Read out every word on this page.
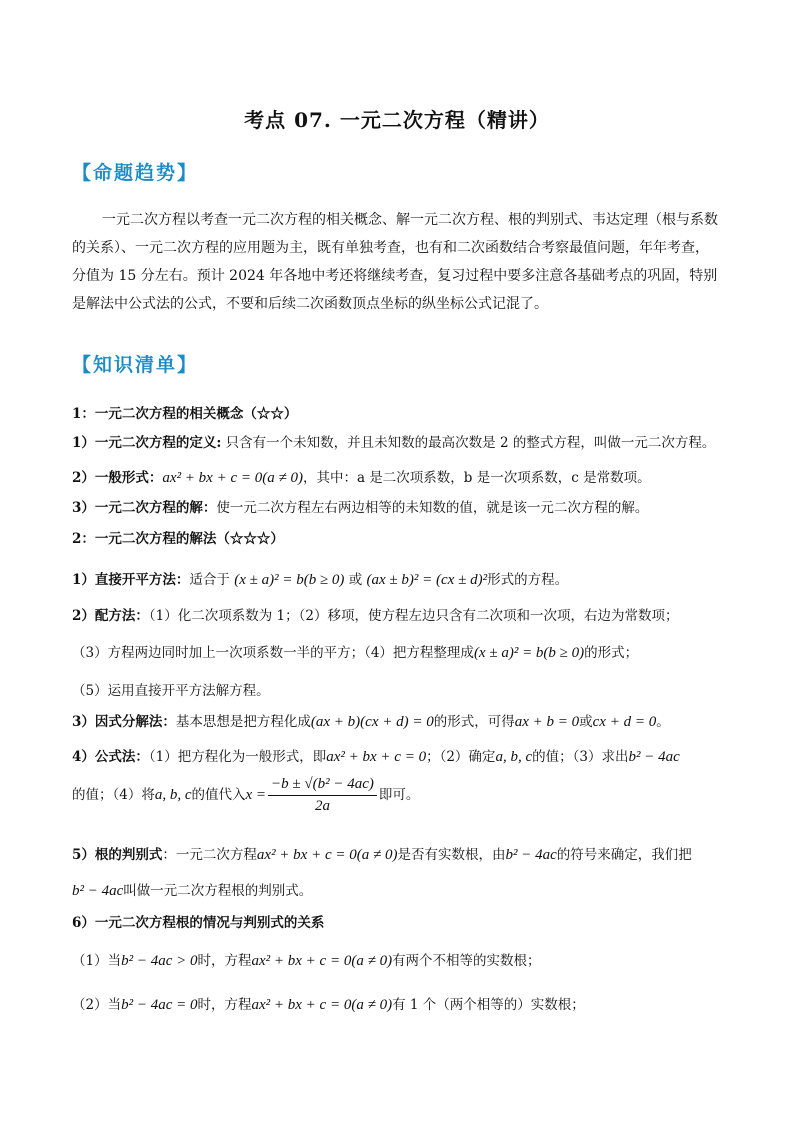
考点 07. 一元二次方程（精讲）
【命题趋势】
一元二次方程以考查一元二次方程的相关概念、解一元二次方程、根的判别式、韦达定理（根与系数的关系）、一元二次方程的应用题为主，既有单独考查，也有和二次函数结合考察最值问题，年年考查，分值为 15 分左右。预计 2024 年各地中考还将继续考查，复习过程中要多注意各基础考点的巩固，特别是解法中公式法的公式，不要和后续二次函数顶点坐标的纵坐标公式记混了。
【知识清单】
1：一元二次方程的相关概念（☆☆）
1）一元二次方程的定义: 只含有一个未知数，并且未知数的最高次数是 2 的整式方程，叫做一元二次方程。
2）一般形式：ax² + bx + c = 0(a ≠ 0)，其中：a 是二次项系数，b 是一次项系数，c 是常数项。
3）一元二次方程的解：使一元二次方程左右两边相等的未知数的值，就是该一元二次方程的解。
2：一元二次方程的解法（☆☆☆）
1）直接开平方法：适合于 (x ± a)² = b(b ≥ 0) 或 (ax ± b)² = (cx ± d)²形式的方程。
2）配方法：（1）化二次项系数为 1；（2）移项，使方程左边只含有二次项和一次项，右边为常数项；
（3）方程两边同时加上一次项系数一半的平方；（4）把方程整理成(x ± a)² = b(b ≥ 0)的形式；
（5）运用直接开平方法解方程。
3）因式分解法：基本思想是把方程化成(ax + b)(cx + d) = 0的形式，可得ax + b = 0或cx + d = 0。
4）公式法：（1）把方程化为一般形式，即ax² + bx + c = 0；（2）确定a, b, c的值；（3）求出b² − 4ac
的值；（4）将a, b, c的值代入$x = \frac{\text{−b ± √(b² − 4ac)}}{2a}$ 即可。
5）根的判别式：一元二次方程ax² + bx + c = 0(a ≠ 0)是否有实数根，由b² − 4ac的符号来确定，我们把
b² − 4ac叫做一元二次方程根的判别式。
6）一元二次方程根的情况与判别式的关系
（1）当b² − 4ac > 0时，方程ax² + bx + c = 0(a ≠ 0)有两个不相等的实数根；
（2）当b² − 4ac = 0时，方程ax² + bx + c = 0(a ≠ 0)有 1 个（两个相等的）实数根；
